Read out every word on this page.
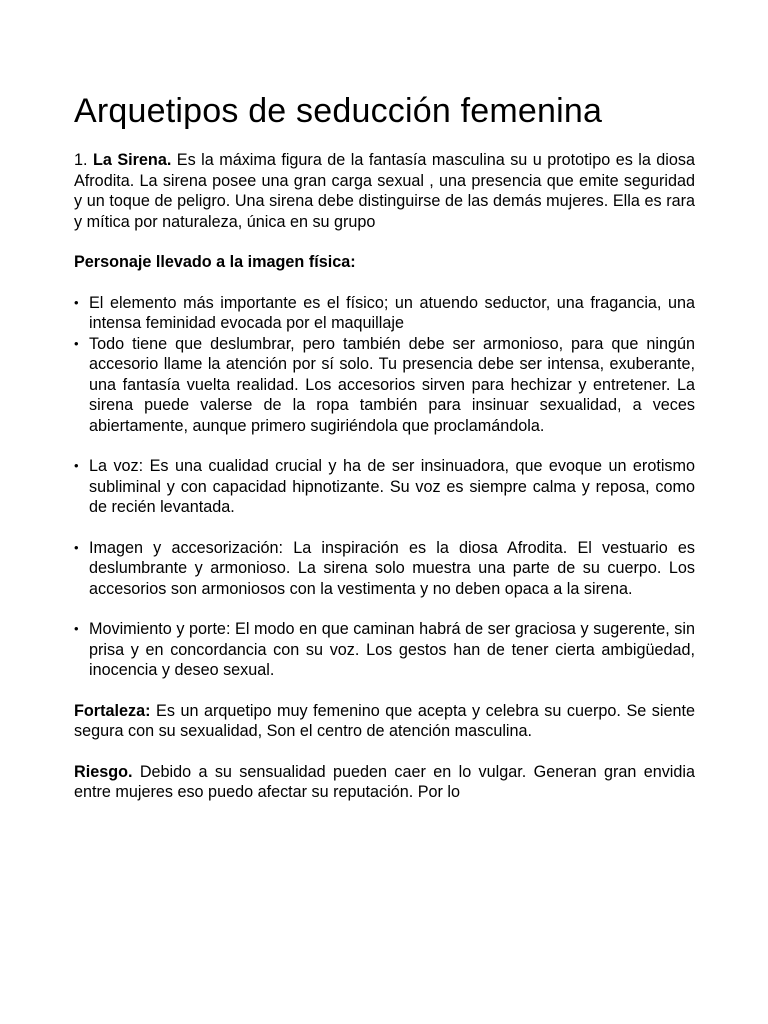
Arquetipos de seducción femenina

1. La Sirena. Es la máxima figura de la fantasía masculina su u prototipo es la diosa Afrodita. La sirena posee una gran carga sexual , una presencia que emite seguridad y un toque de peligro. Una sirena debe distinguirse de las demás mujeres. Ella es rara y mítica por naturaleza, única en su grupo

Personaje llevado a la imagen física:

• El elemento más importante es el físico; un atuendo seductor, una fragancia, una intensa feminidad evocada por el maquillaje
• Todo tiene que deslumbrar, pero también debe ser armonioso, para que ningún accesorio llame la atención por sí solo. Tu presencia debe ser intensa, exuberante, una fantasía vuelta realidad. Los accesorios sirven para hechizar y entretener. La sirena puede valerse de la ropa también para insinuar sexualidad, a veces abiertamente, aunque primero sugiriéndola que proclamándola.
• La voz: Es una cualidad crucial y ha de ser insinuadora, que evoque un erotismo subliminal y con capacidad hipnotizante. Su voz es siempre calma y reposa, como de recién levantada.
• Imagen y accesorización: La inspiración es la diosa Afrodita. El vestuario es deslumbrante y armonioso. La sirena solo muestra una parte de su cuerpo. Los accesorios son armoniosos con la vestimenta y no deben opaca a la sirena.
• Movimiento y porte: El modo en que caminan habrá de ser graciosa y sugerente, sin prisa y en concordancia con su voz. Los gestos han de tener cierta ambigüedad, inocencia y deseo sexual.

Fortaleza: Es un arquetipo muy femenino que acepta y celebra su cuerpo. Se siente segura con su sexualidad, Son el centro de atención masculina.

Riesgo. Debido a su sensualidad pueden caer en lo vulgar. Generan gran envidia entre mujeres eso puedo afectar su reputación. Por lo
